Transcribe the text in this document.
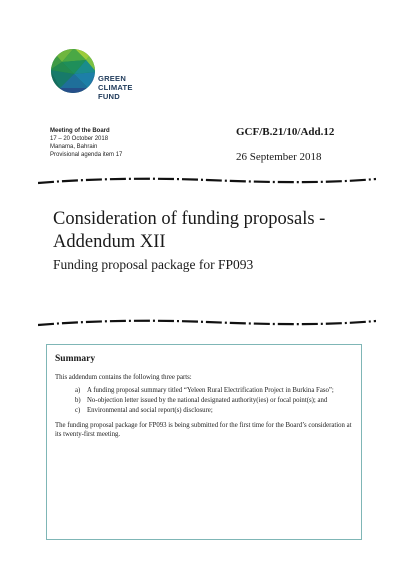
GREEN
CLIMATE
FUND
Meeting of the Board
17 – 20 October 2018
Manama, Bahrain
Provisional agenda item 17
GCF/B.21/10/Add.12
26 September 2018
Consideration of funding proposals -
Addendum XII
Funding proposal package for FP093
Summary
This addendum contains the following three parts:
a) A funding proposal summary titled “Yeleen Rural Electrification Project in Burkina Faso”;
b) No-objection letter issued by the national designated authority(ies) or focal point(s); and
c) Environmental and social report(s) disclosure;
The funding proposal package for FP093 is being submitted for the first time for the Board’s consideration at its twenty-first meeting.
